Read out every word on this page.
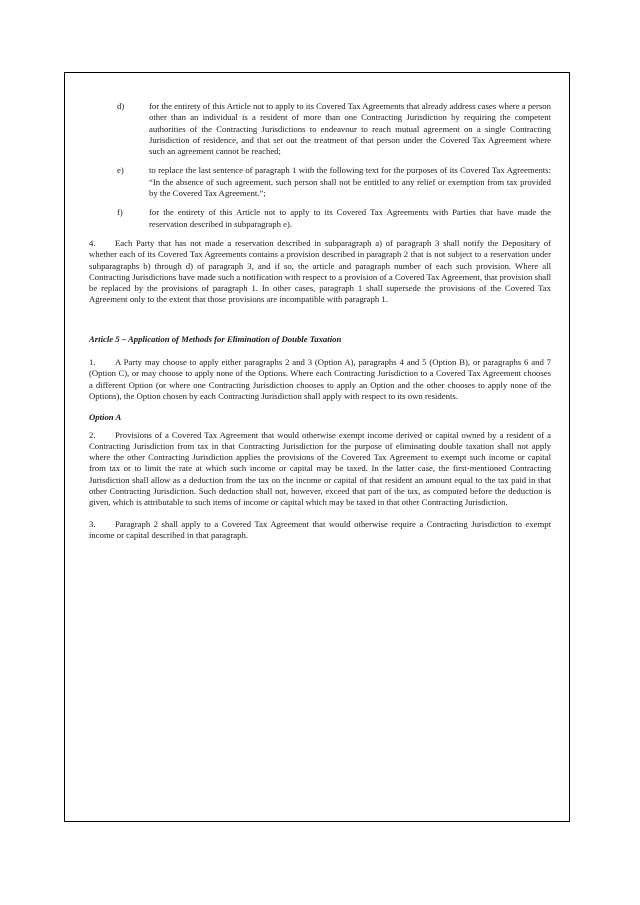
d)	for the entirety of this Article not to apply to its Covered Tax Agreements that already address cases where a person other than an individual is a resident of more than one Contracting Jurisdiction by requiring the competent authorities of the Contracting Jurisdictions to endeavour to reach mutual agreement on a single Contracting Jurisdiction of residence, and that set out the treatment of that person under the Covered Tax Agreement where such an agreement cannot be reached;
e)	to replace the last sentence of paragraph 1 with the following text for the purposes of its Covered Tax Agreements: “In the absence of such agreement, such person shall not be entitled to any relief or exemption from tax provided by the Covered Tax Agreement.”;
f)	for the entirety of this Article not to apply to its Covered Tax Agreements with Parties that have made the reservation described in subparagraph e).

4. Each Party that has not made a reservation described in subparagraph a) of paragraph 3 shall notify the Depositary of whether each of its Covered Tax Agreements contains a provision described in paragraph 2 that is not subject to a reservation under subparagraphs b) through d) of paragraph 3, and if so, the article and paragraph number of each such provision. Where all Contracting Jurisdictions have made such a notification with respect to a provision of a Covered Tax Agreement, that provision shall be replaced by the provisions of paragraph 1. In other cases, paragraph 1 shall supersede the provisions of the Covered Tax Agreement only to the extent that those provisions are incompatible with paragraph 1.

Article 5 – Application of Methods for Elimination of Double Taxation

1. A Party may choose to apply either paragraphs 2 and 3 (Option A), paragraphs 4 and 5 (Option B), or paragraphs 6 and 7 (Option C), or may choose to apply none of the Options. Where each Contracting Jurisdiction to a Covered Tax Agreement chooses a different Option (or where one Contracting Jurisdiction chooses to apply an Option and the other chooses to apply none of the Options), the Option chosen by each Contracting Jurisdiction shall apply with respect to its own residents.

Option A

2. Provisions of a Covered Tax Agreement that would otherwise exempt income derived or capital owned by a resident of a Contracting Jurisdiction from tax in that Contracting Jurisdiction for the purpose of eliminating double taxation shall not apply where the other Contracting Jurisdiction applies the provisions of the Covered Tax Agreement to exempt such income or capital from tax or to limit the rate at which such income or capital may be taxed. In the latter case, the first-mentioned Contracting Jurisdiction shall allow as a deduction from the tax on the income or capital of that resident an amount equal to the tax paid in that other Contracting Jurisdiction. Such deduction shall not, however, exceed that part of the tax, as computed before the deduction is given, which is attributable to such items of income or capital which may be taxed in that other Contracting Jurisdiction.

3. Paragraph 2 shall apply to a Covered Tax Agreement that would otherwise require a Contracting Jurisdiction to exempt income or capital described in that paragraph.
